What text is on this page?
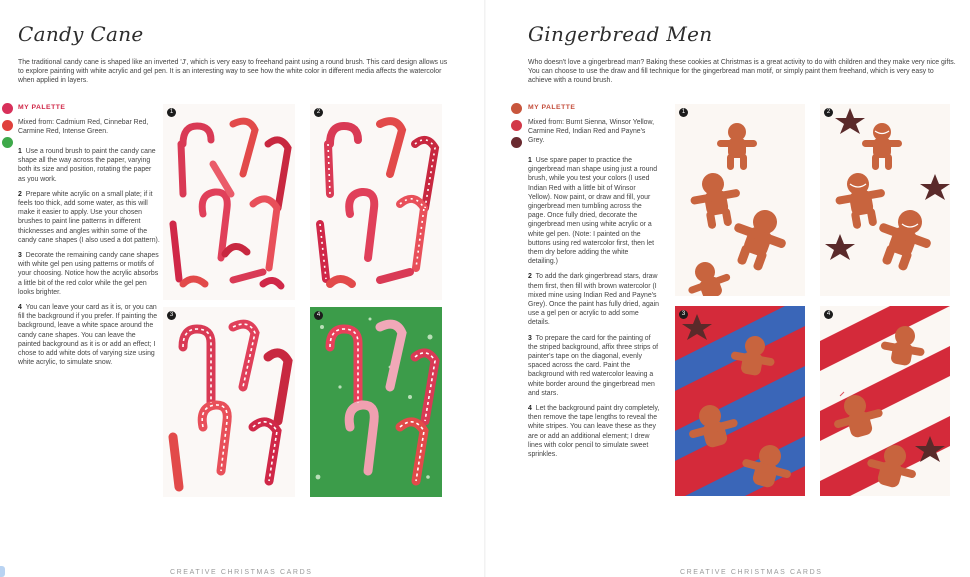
Candy Cane
The traditional candy cane is shaped like an inverted 'J', which is very easy to freehand paint using a round brush. This card design allows us to explore painting with white acrylic and gel pen. It is an interesting way to see how the white color in different media affects the watercolor when applied in layers.
MY PALETTE
Mixed from: Cadmium Red, Cinnebar Red, Carmine Red, Intense Green.
1 Use a round brush to paint the candy cane shape all the way across the paper, varying both its size and position, rotating the paper as you work.
2 Prepare white acrylic on a small plate; if it feels too thick, add some water, as this will make it easier to apply. Use your chosen brushes to paint line patterns in different thicknesses and angles within some of the candy cane shapes (I also used a dot pattern).
3 Decorate the remaining candy cane shapes with white gel pen using patterns or motifs of your choosing. Notice how the acrylic absorbs a little bit of the red color while the gel pen looks brighter.
4 You can leave your card as it is, or you can fill the background if you prefer. If painting the background, leave a white space around the candy cane shapes. You can leave the painted background as it is or add an effect; I chose to add white dots of varying size using white acrylic, to simulate snow.
1	2
3	4
CREATIVE CHRISTMAS CARDS
Gingerbread Men
Who doesn't love a gingerbread man? Baking these cookies at Christmas is a great activity to do with children and they make very nice gifts. You can choose to use the draw and fill technique for the gingerbread man motif, or simply paint them freehand, which is very easy to achieve with a round brush.
MY PALETTE
Mixed from: Burnt Sienna, Winsor Yellow, Carmine Red, Indian Red and Payne's Grey.
1 Use spare paper to practice the gingerbread man shape using just a round brush, while you test your colors (I used Indian Red with a little bit of Winsor Yellow). Now paint, or draw and fill, your gingerbread men tumbling across the page. Once fully dried, decorate the gingerbread men using white acrylic or a white gel pen. (Note: I painted on the buttons using red watercolor first, then let them dry before adding the white detailing.)
2 To add the dark gingerbread stars, draw them first, then fill with brown watercolor (I mixed mine using Indian Red and Payne's Grey). Once the paint has fully dried, again use a gel pen or acrylic to add some details.
3 To prepare the card for the painting of the striped background, affix three strips of painter's tape on the diagonal, evenly spaced across the card. Paint the background with red watercolor leaving a white border around the gingerbread men and stars.
4 Let the background paint dry completely, then remove the tape lengths to reveal the white stripes. You can leave these as they are or add an additional element; I drew lines with color pencil to simulate sweet sprinkles.
1	2
3	4
CREATIVE CHRISTMAS CARDS
